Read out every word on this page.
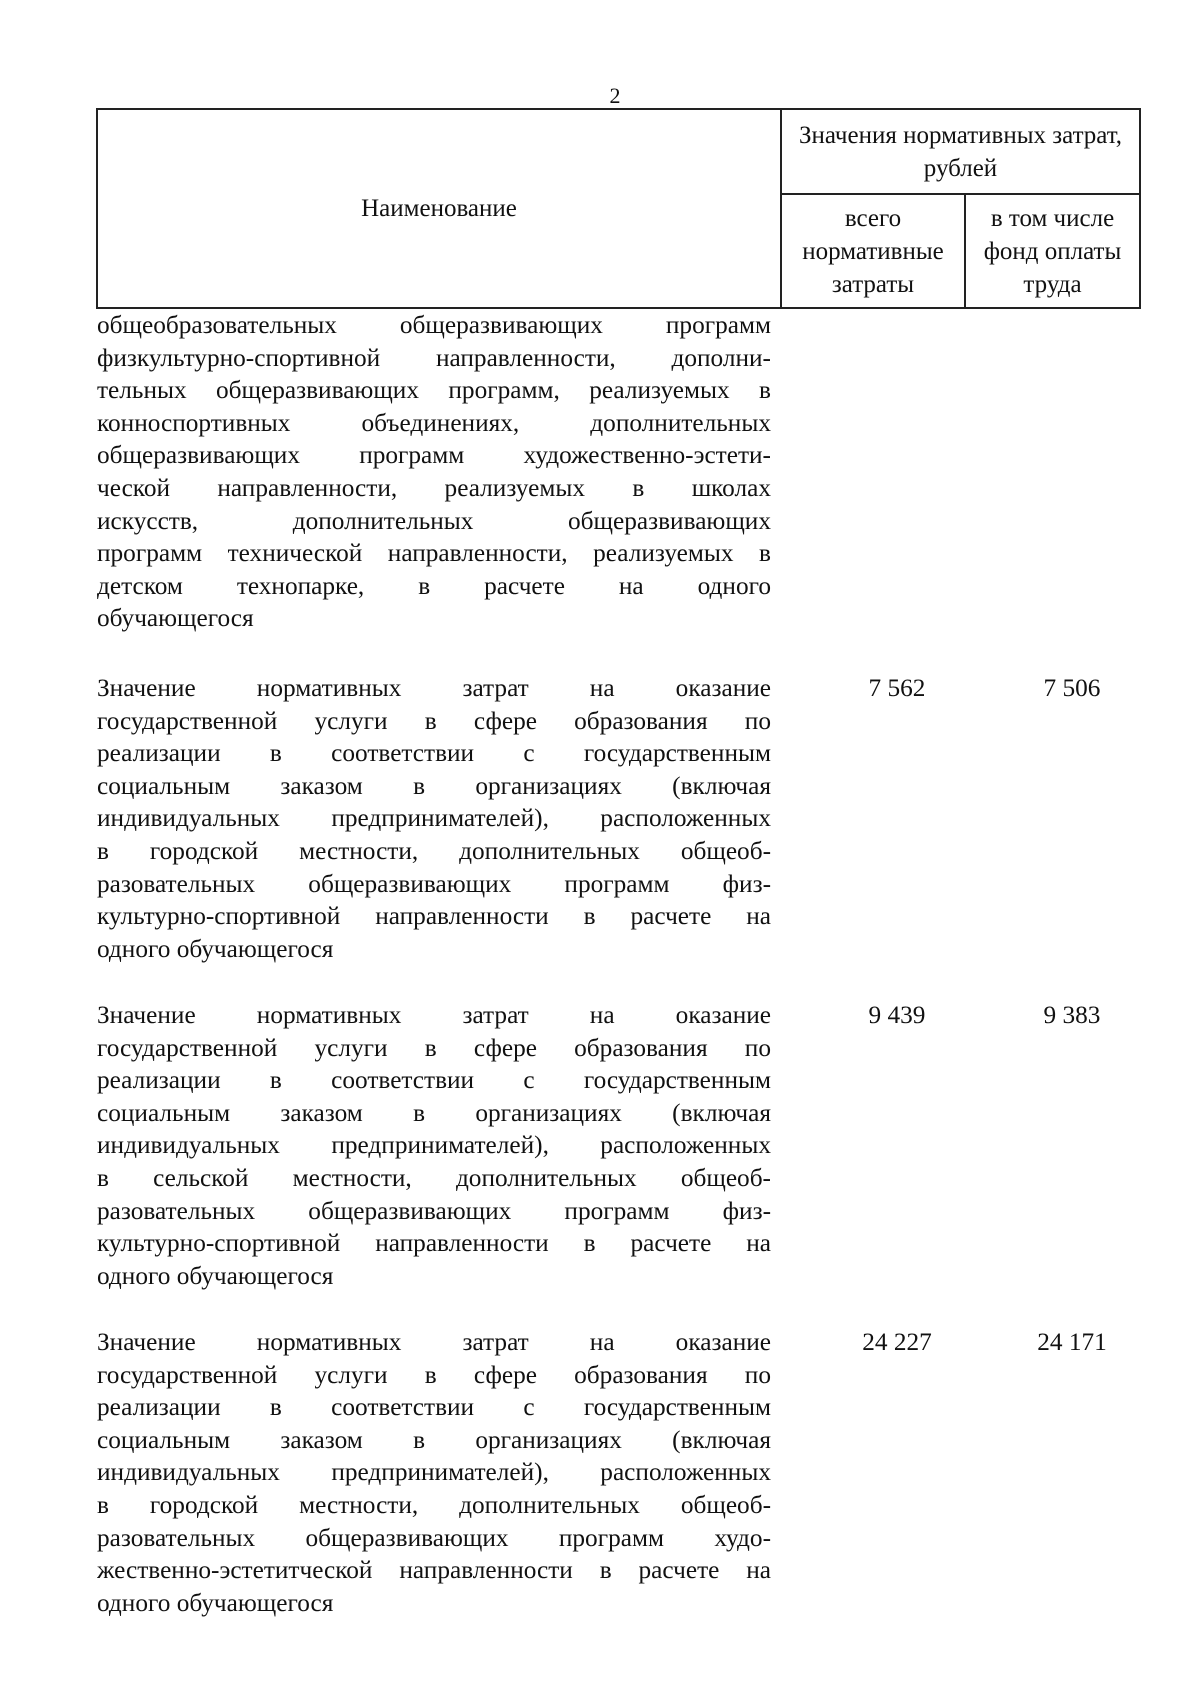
2
Наименование	Значения нормативных затрат, рублей	
	всего нормативные затраты	в том числе фонд оплаты труда
общеобразовательных общеразвивающих программ
физкультурно-спортивной направленности, дополни-
тельных общеразвивающих программ, реализуемых в
конноспортивных объединениях, дополнительных
общеразвивающих программ художественно-эстети-
ческой направленности, реализуемых в школах
искусств, дополнительных общеразвивающих
программ технической направленности, реализуемых в
детском технопарке, в расчете на одного
обучающегося
Значение нормативных затрат на оказание
государственной услуги в сфере образования по
реализации в соответствии с государственным
социальным заказом в организациях (включая
индивидуальных предпринимателей), расположенных
в городской местности, дополнительных общеоб-
разовательных общеразвивающих программ физ-
культурно-спортивной направленности в расчете на
одного обучающегося
7 562	7 506
Значение нормативных затрат на оказание
государственной услуги в сфере образования по
реализации в соответствии с государственным
социальным заказом в организациях (включая
индивидуальных предпринимателей), расположенных
в сельской местности, дополнительных общеоб-
разовательных общеразвивающих программ физ-
культурно-спортивной направленности в расчете на
одного обучающегося
9 439	9 383
Значение нормативных затрат на оказание
государственной услуги в сфере образования по
реализации в соответствии с государственным
социальным заказом в организациях (включая
индивидуальных предпринимателей), расположенных
в городской местности, дополнительных общеоб-
разовательных общеразвивающих программ худо-
жественно-эстетитческой направленности в расчете на
одного обучающегося
24 227	24 171
